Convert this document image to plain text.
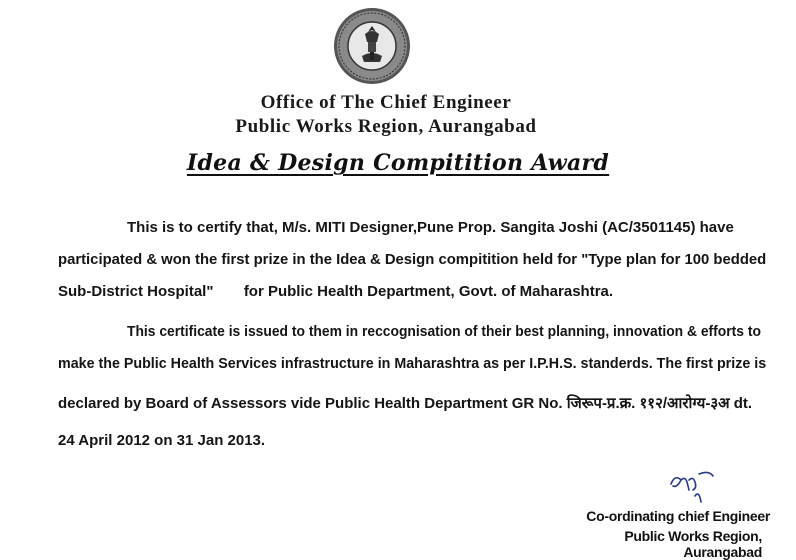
Office of The Chief Engineer
Public Works Region, Aurangabad
Idea & Design Compitition Award
This is to certify that, M/s. MITI Designer,Pune Prop. Sangita Joshi (AC/3501145) have
participated & won the first prize in the Idea & Design compitition held for "Type plan for 100 bedded
Sub-District Hospital" for Public Health Department, Govt. of Maharashtra.
This certificate is issued to them in reccognisation of their best planning, innovation & efforts to
make the Public Health Services infrastructure in Maharashtra as per I.P.H.S. standerds. The first prize is
declared by Board of Assessors vide Public Health Department GR No. जिरूप-प्र.क्र. ११२/आरोग्य-३अ dt.
24 April 2012 on 31 Jan 2013.
Co-ordinating chief Engineer
Public Works Region, Aurangabad
